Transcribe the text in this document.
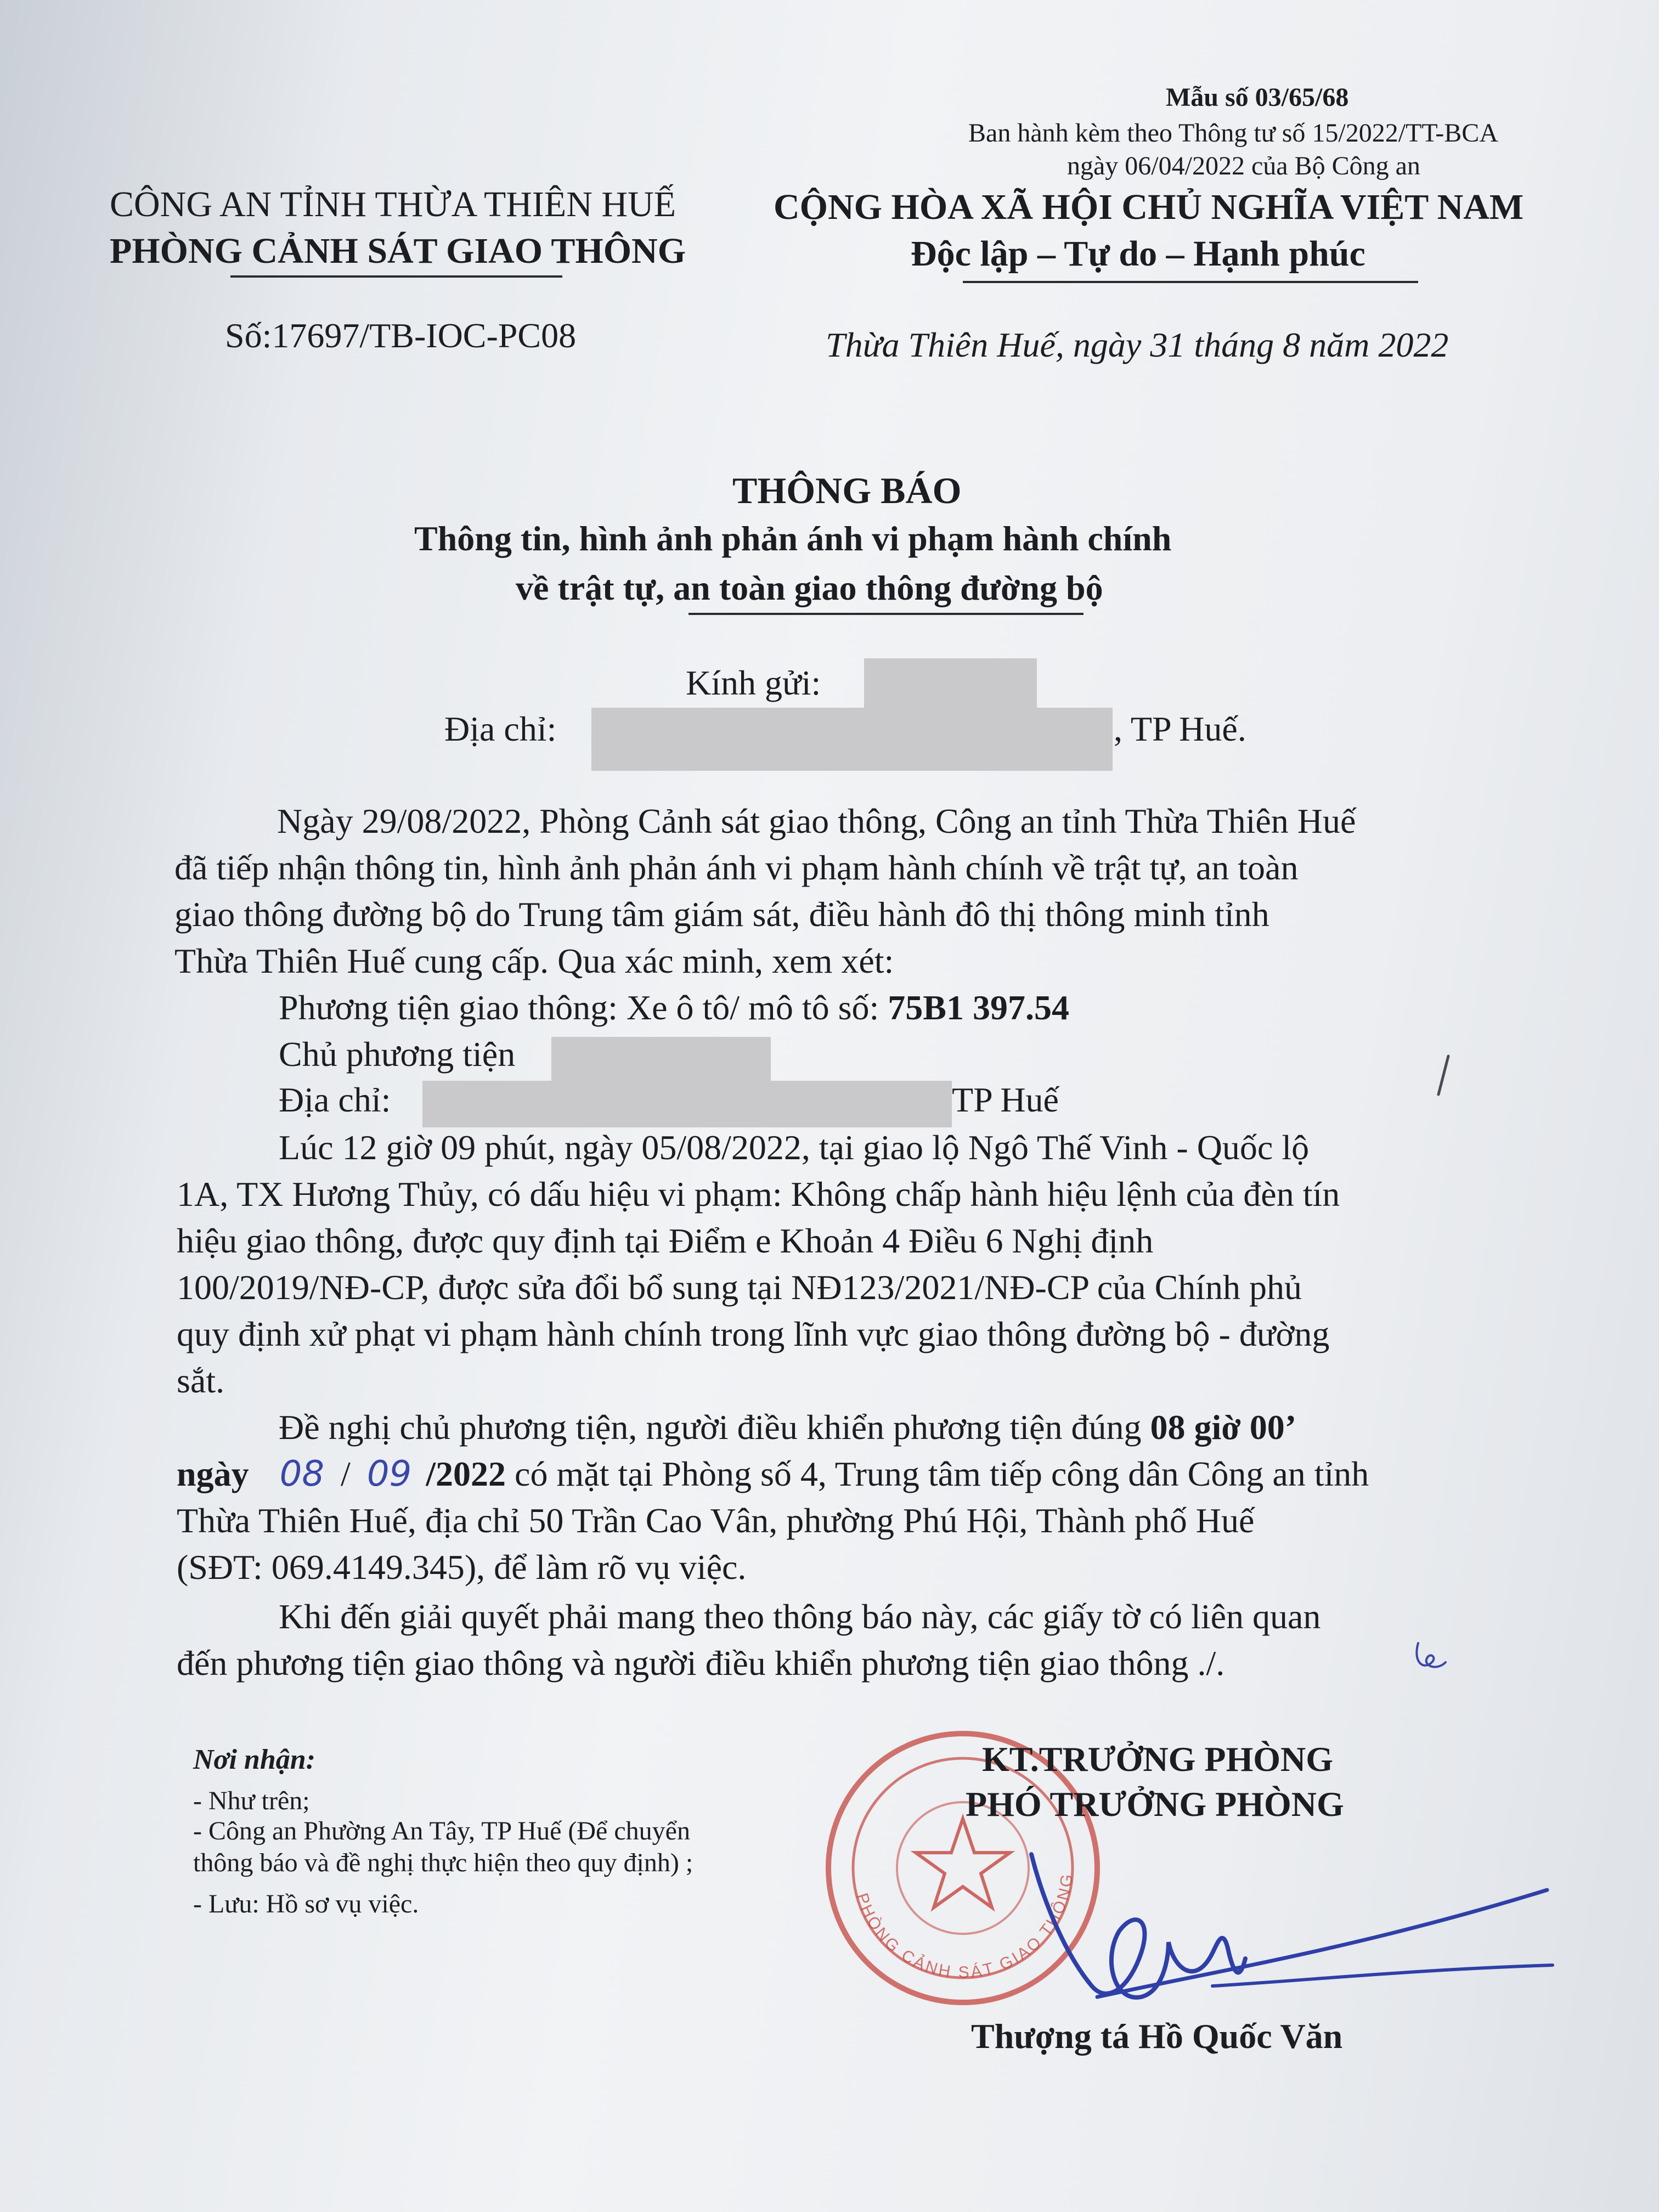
Mẫu số 03/65/68
Ban hành kèm theo Thông tư số 15/2022/TT-BCA
ngày 06/04/2022 của Bộ Công an
CÔNG AN TỈNH THỪA THIÊN HUẾ
PHÒNG CẢNH SÁT GIAO THÔNG
Số:17697/TB-IOC-PC08
CỘNG HÒA XÃ HỘI CHỦ NGHĨA VIỆT NAM
Độc lập – Tự do – Hạnh phúc
Thừa Thiên Huế, ngày 31 tháng 8 năm 2022
THÔNG BÁO
Thông tin, hình ảnh phản ánh vi phạm hành chính
về trật tự, an toàn giao thông đường bộ
Kính gửi:
Địa chỉ:	, TP Huế.
Ngày 29/08/2022, Phòng Cảnh sát giao thông, Công an tỉnh Thừa Thiên Huế
đã tiếp nhận thông tin, hình ảnh phản ánh vi phạm hành chính về trật tự, an toàn
giao thông đường bộ do Trung tâm giám sát, điều hành đô thị thông minh tỉnh
Thừa Thiên Huế cung cấp. Qua xác minh, xem xét:
Phương tiện giao thông: Xe ô tô/ mô tô số: 75B1 397.54
Chủ phương tiện
Địa chỉ:	TP Huế
Lúc 12 giờ 09 phút, ngày 05/08/2022, tại giao lộ Ngô Thế Vinh - Quốc lộ
1A, TX Hương Thủy, có dấu hiệu vi phạm: Không chấp hành hiệu lệnh của đèn tín
hiệu giao thông, được quy định tại Điểm e Khoản 4 Điều 6 Nghị định
100/2019/NĐ-CP, được sửa đổi bổ sung tại NĐ123/2021/NĐ-CP của Chính phủ
quy định xử phạt vi phạm hành chính trong lĩnh vực giao thông đường bộ - đường
sắt.
Đề nghị chủ phương tiện, người điều khiển phương tiện đúng 08 giờ 00’
ngày 08 / 09 /2022 có mặt tại Phòng số 4, Trung tâm tiếp công dân Công an tỉnh
Thừa Thiên Huế, địa chỉ 50 Trần Cao Vân, phường Phú Hội, Thành phố Huế
(SĐT: 069.4149.345), để làm rõ vụ việc.
Khi đến giải quyết phải mang theo thông báo này, các giấy tờ có liên quan
đến phương tiện giao thông và người điều khiển phương tiện giao thông ./.
Nơi nhận:
- Như trên;
- Công an Phường An Tây, TP Huế (Để chuyển
thông báo và đề nghị thực hiện theo quy định) ;
- Lưu: Hồ sơ vụ việc.	PHÒNG CẢNH SÁT GIAO THÔNG
KT.TRƯỞNG PHÒNG
PHÓ TRƯỞNG PHÒNG
Thượng tá Hồ Quốc Văn
